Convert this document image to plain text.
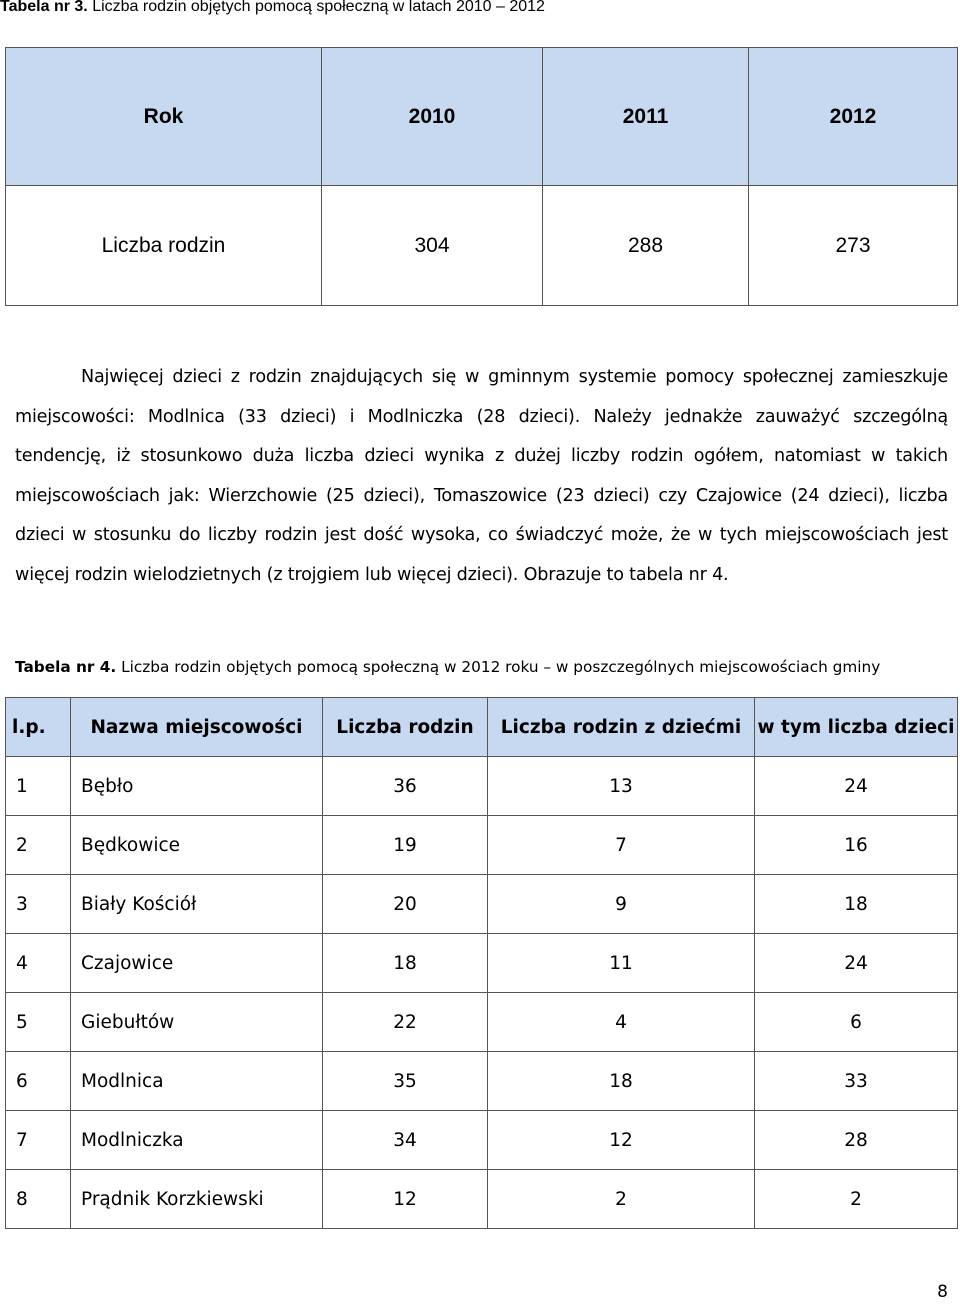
Tabela nr 3. Liczba rodzin objętych pomocą społeczną w latach 2010 – 2012
Rok	2010	2011	2012
Liczba rodzin	304	288	273
Najwięcej dzieci z rodzin znajdujących się w gminnym systemie pomocy społecznej zamieszkuje miejscowości: Modlnica (33 dzieci) i Modlniczka (28 dzieci). Należy jednakże zauważyć szczególną tendencję, iż stosunkowo duża liczba dzieci wynika z dużej liczby rodzin ogółem, natomiast w takich miejscowościach jak: Wierzchowie (25 dzieci), Tomaszowice (23 dzieci) czy Czajowice (24 dzieci), liczba dzieci w stosunku do liczby rodzin jest dość wysoka, co świadczyć może, że w tych miejscowościach jest więcej rodzin wielodzietnych (z trojgiem lub więcej dzieci). Obrazuje to tabela nr 4.
Tabela nr 4. Liczba rodzin objętych pomocą społeczną w 2012 roku – w poszczególnych miejscowościach gminy
l.p.	Nazwa miejscowości	Liczba rodzin	Liczba rodzin z dziećmi	w tym liczba dzieci
1	Bębło	36	13	24
2	Będkowice	19	7	16
3	Biały Kościół	20	9	18
4	Czajowice	18	11	24
5	Giebułtów	22	4	6
6	Modlnica	35	18	33
7	Modlniczka	34	12	28
8	Prądnik Korzkiewski	12	2	2
8
